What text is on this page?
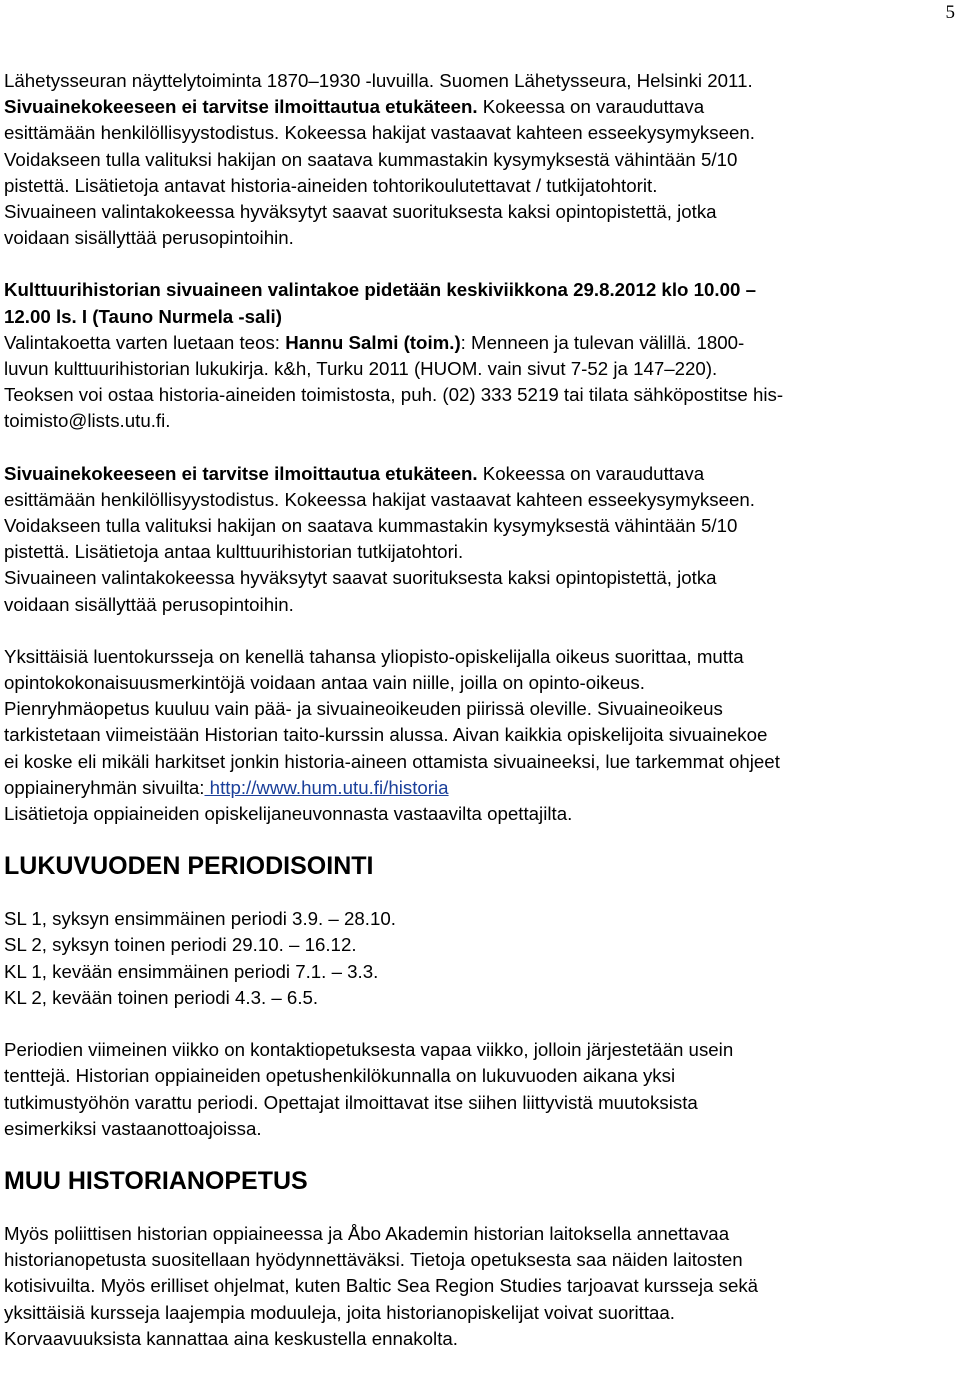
5
Lähetysseuran näyttelytoiminta 1870–1930 -luvuilla. Suomen Lähetysseura, Helsinki 2011.
Sivuainekokeeseen ei tarvitse ilmoittautua etukäteen. Kokeessa on varauduttava
esittämään henkilöllisyystodistus. Kokeessa hakijat vastaavat kahteen esseekysymykseen.
Voidakseen tulla valituksi hakijan on saatava kummastakin kysymyksestä vähintään 5/10
pistettä. Lisätietoja antavat historia-aineiden tohtorikoulutettavat / tutkijatohtorit.
Sivuaineen valintakokeessa hyväksytyt saavat suorituksesta kaksi opintopistettä, jotka
voidaan sisällyttää perusopintoihin.
Kulttuurihistorian sivuaineen valintakoe pidetään keskiviikkona 29.8.2012 klo 10.00 –
12.00 ls. I (Tauno Nurmela -sali)
Valintakoetta varten luetaan teos: Hannu Salmi (toim.): Menneen ja tulevan välillä. 1800-
luvun kulttuurihistorian lukukirja. k&h, Turku 2011 (HUOM. vain sivut 7-52 ja 147–220).
Teoksen voi ostaa historia-aineiden toimistosta, puh. (02) 333 5219 tai tilata sähköpostitse his-
toimisto@lists.utu.fi.
Sivuainekokeeseen ei tarvitse ilmoittautua etukäteen. Kokeessa on varauduttava
esittämään henkilöllisyystodistus. Kokeessa hakijat vastaavat kahteen esseekysymykseen.
Voidakseen tulla valituksi hakijan on saatava kummastakin kysymyksestä vähintään 5/10
pistettä. Lisätietoja antaa kulttuurihistorian tutkijatohtori.
Sivuaineen valintakokeessa hyväksytyt saavat suorituksesta kaksi opintopistettä, jotka
voidaan sisällyttää perusopintoihin.
Yksittäisiä luentokursseja on kenellä tahansa yliopisto-opiskelijalla oikeus suorittaa, mutta
opintokokonaisuusmerkintöjä voidaan antaa vain niille, joilla on opinto-oikeus.
Pienryhmäopetus kuuluu vain pää- ja sivuaineoikeuden piirissä oleville. Sivuaineoikeus
tarkistetaan viimeistään Historian taito-kurssin alussa. Aivan kaikkia opiskelijoita sivuainekoe
ei koske eli mikäli harkitset jonkin historia-aineen ottamista sivuaineeksi, lue tarkemmat ohjeet
oppiaineryhmän sivuilta: http://www.hum.utu.fi/historia
Lisätietoja oppiaineiden opiskelijaneuvonnasta vastaavilta opettajilta.
LUKUVUODEN PERIODISOINTI
SL 1, syksyn ensimmäinen periodi 3.9. – 28.10.
SL 2, syksyn toinen periodi 29.10. – 16.12.
KL 1, kevään ensimmäinen periodi 7.1. – 3.3.
KL 2, kevään toinen periodi 4.3. – 6.5.
Periodien viimeinen viikko on kontaktiopetuksesta vapaa viikko, jolloin järjestetään usein
tenttejä. Historian oppiaineiden opetushenkilökunnalla on lukuvuoden aikana yksi
tutkimustyöhön varattu periodi. Opettajat ilmoittavat itse siihen liittyvistä muutoksista
esimerkiksi vastaanottoajoissa.
MUU HISTORIANOPETUS
Myös poliittisen historian oppiaineessa ja Åbo Akademin historian laitoksella annettavaa
historianopetusta suositellaan hyödynnettäväksi. Tietoja opetuksesta saa näiden laitosten
kotisivuilta. Myös erilliset ohjelmat, kuten Baltic Sea Region Studies tarjoavat kursseja sekä
yksittäisiä kursseja laajempia moduuleja, joita historianopiskelijat voivat suorittaa.
Korvaavuuksista kannattaa aina keskustella ennakolta.
